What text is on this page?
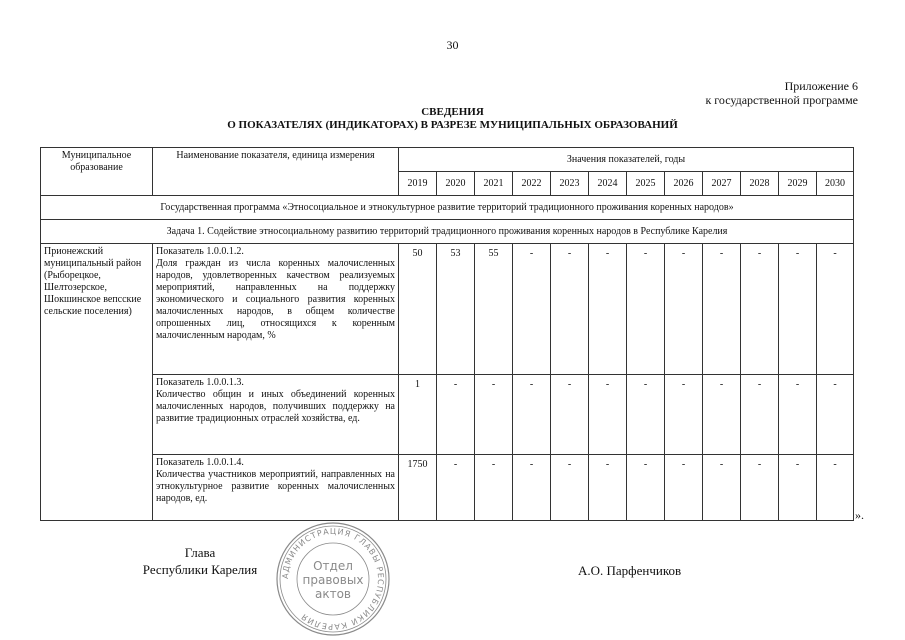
30
Приложение 6
к государственной программе
СВЕДЕНИЯ
О ПОКАЗАТЕЛЯХ (ИНДИКАТОРАХ) В РАЗРЕЗЕ МУНИЦИПАЛЬНЫХ ОБРАЗОВАНИЙ
Муниципальное образование	Наименование показателя, единица измерения	Значения показателей, годы											
		2019	2020	2021	2022	2023	2024	2025	2026	2027	2028	2029	2030
Государственная программа «Этносоциальное и этнокультурное развитие территорий традиционного проживания коренных народов»													
Задача 1. Содействие этносоциальному развитию территорий традиционного проживания коренных народов в Республике Карелия													
Прионежский муниципальный район (Рыборецкое, Шелтозерское, Шокшинское вепсские сельские поселения)	Показатель 1.0.0.1.2.
Доля граждан из числа коренных малочисленных народов, удовлетворенных качеством реализуемых мероприятий, направленных на поддержку экономического и социального развития коренных малочисленных народов, в общем количестве опрошенных лиц, относящихся к коренным малочисленным народам, %	50	53	55	-	-	-	-	-	-	-	-	-

	Показатель 1.0.0.1.3.
Количество общин и иных объединений коренных малочисленных народов, получивших поддержку на развитие традиционных отраслей хозяйства, ед.	1	-	-	-	-	-	-	-	-	-	-	-

	Показатель 1.0.0.1.4.
Количества участников мероприятий, направленных на этнокультурное развитие коренных малочисленных народов, ед.	1750	-	-	-	-	-	-	-	-	-	-	-
».
Глава
Республики Карелия	АДМИНИСТРАЦИЯ ГЛАВЫ РЕСПУБЛИКИ КАРЕЛИЯ
Отдел
правовых
актов
А.О. Парфенчиков
